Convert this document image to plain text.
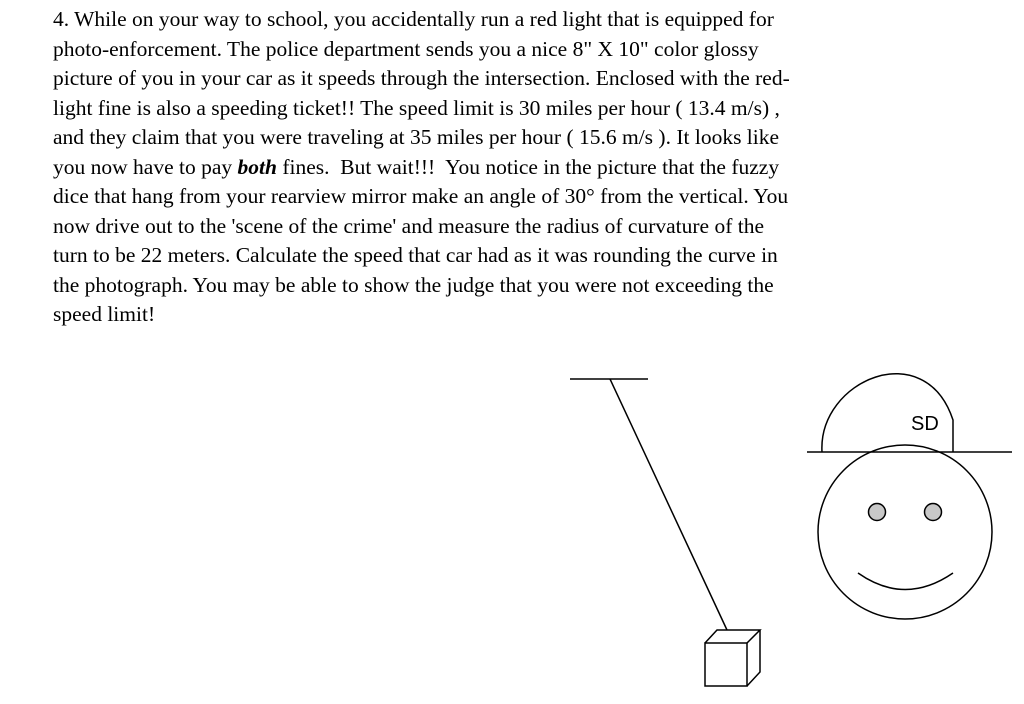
4. While on your way to school, you accidentally run a red light that is equipped for
photo-enforcement. The police department sends you a nice 8" X 10" color glossy
picture of you in your car as it speeds through the intersection. Enclosed with the red-
light fine is also a speeding ticket!! The speed limit is 30 miles per hour ( 13.4 m/s) ,
and they claim that you were traveling at 35 miles per hour ( 15.6 m/s ). It looks like
you now have to pay both fines.  But wait!!!  You notice in the picture that the fuzzy
dice that hang from your rearview mirror make an angle of 30° from the vertical. You
now drive out to the 'scene of the crime' and measure the radius of curvature of the
turn to be 22 meters. Calculate the speed that car had as it was rounding the curve in
the photograph. You may be able to show the judge that you were not exceeding the
speed limit!
SD
